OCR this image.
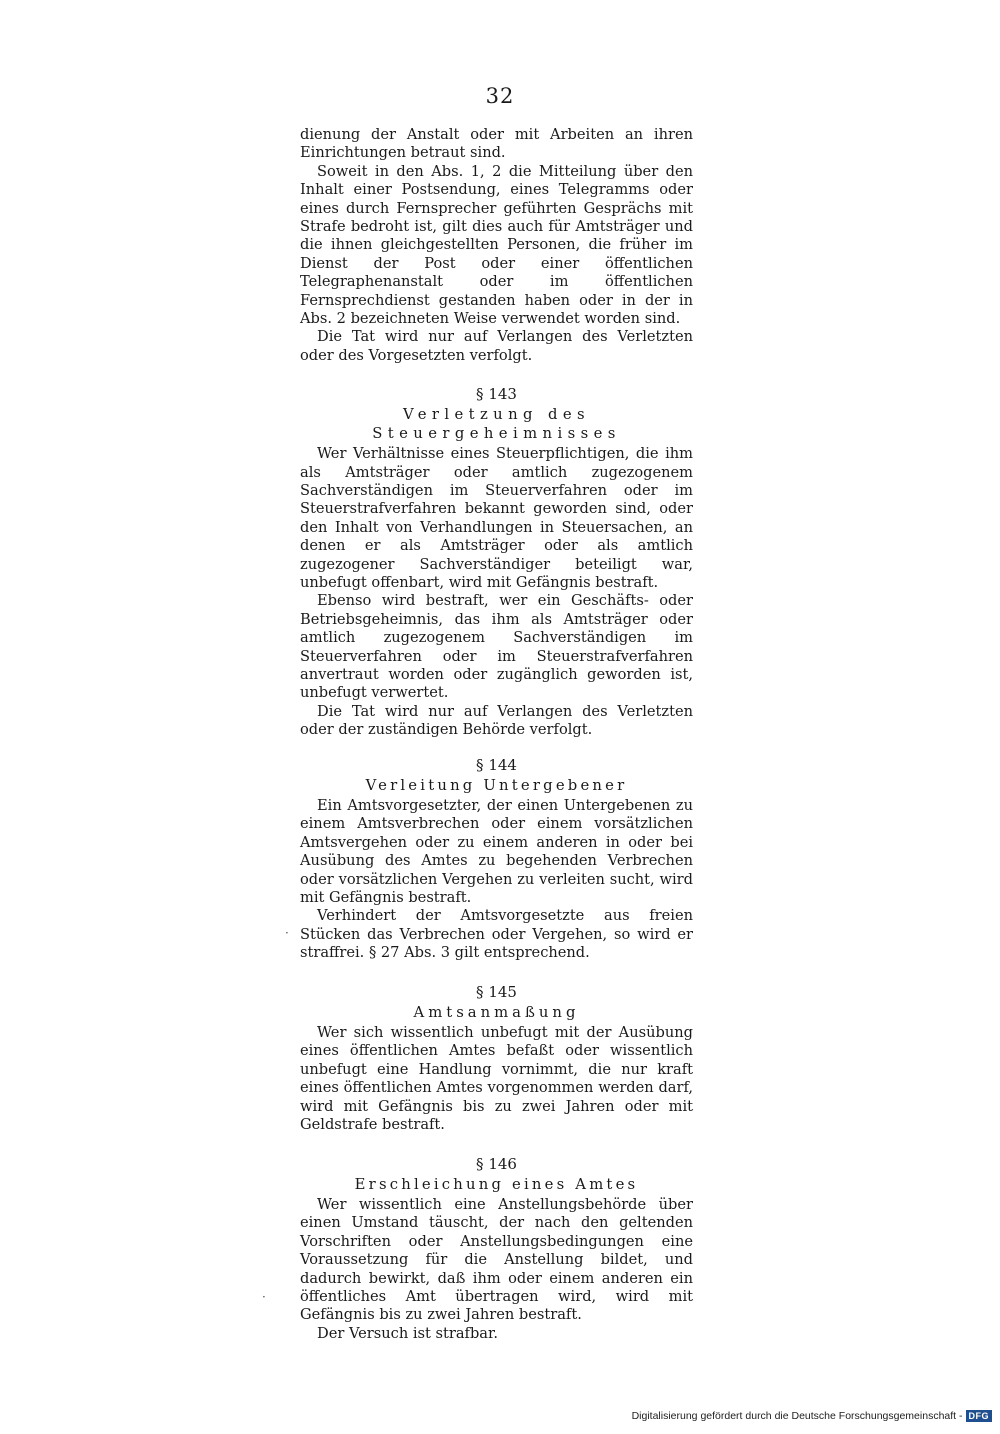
32

dienung der Anstalt oder mit Arbeiten an ihren Einrichtungen betraut sind.

Soweit in den Abs. 1, 2 die Mitteilung über den Inhalt einer Postsendung, eines Telegramms oder eines durch Fernsprecher geführten Gesprächs mit Strafe bedroht ist, gilt dies auch für Amtsträger und die ihnen gleichgestellten Personen, die früher im Dienst der Post oder einer öffentlichen Telegraphenanstalt oder im öffentlichen Fernsprechdienst gestanden haben oder in der in Abs. 2 bezeichneten Weise verwendet worden sind.

Die Tat wird nur auf Verlangen des Verletzten oder des Vorgesetzten verfolgt.

§ 143
Verletzung des Steuergeheimnisses

Wer Verhältnisse eines Steuerpflichtigen, die ihm als Amtsträger oder amtlich zugezogenem Sachverständigen im Steuerverfahren oder im Steuerstrafverfahren bekannt geworden sind, oder den Inhalt von Verhandlungen in Steuersachen, an denen er als Amtsträger oder als amtlich zugezogener Sachverständiger beteiligt war, unbefugt offenbart, wird mit Gefängnis bestraft.

Ebenso wird bestraft, wer ein Geschäfts- oder Betriebsgeheimnis, das ihm als Amtsträger oder amtlich zugezogenem Sachverständigen im Steuerverfahren oder im Steuerstrafverfahren anvertraut worden oder zugänglich geworden ist, unbefugt verwertet.

Die Tat wird nur auf Verlangen des Verletzten oder der zuständigen Behörde verfolgt.

§ 144
Verleitung Untergebener

Ein Amtsvorgesetzter, der einen Untergebenen zu einem Amtsverbrechen oder einem vorsätzlichen Amtsvergehen oder zu einem anderen in oder bei Ausübung des Amtes zu begehenden Verbrechen oder vorsätzlichen Vergehen zu verleiten sucht, wird mit Gefängnis bestraft.

Verhindert der Amtsvorgesetzte aus freien Stücken das Verbrechen oder Vergehen, so wird er straffrei. § 27 Abs. 3 gilt entsprechend.

§ 145
Amtsanmaßung

Wer sich wissentlich unbefugt mit der Ausübung eines öffentlichen Amtes befaßt oder wissentlich unbefugt eine Handlung vornimmt, die nur kraft eines öffentlichen Amtes vorgenommen werden darf, wird mit Gefängnis bis zu zwei Jahren oder mit Geldstrafe bestraft.

§ 146
Erschleichung eines Amtes

Wer wissentlich eine Anstellungsbehörde über einen Umstand täuscht, der nach den geltenden Vorschriften oder Anstellungsbedingungen eine Voraussetzung für die Anstellung bildet, und dadurch bewirkt, daß ihm oder einem anderen ein öffentliches Amt übertragen wird, wird mit Gefängnis bis zu zwei Jahren bestraft.

Der Versuch ist strafbar.

·
·
Digitalisierung gefördert durch die Deutsche Forschungsgemeinschaft - DFG
